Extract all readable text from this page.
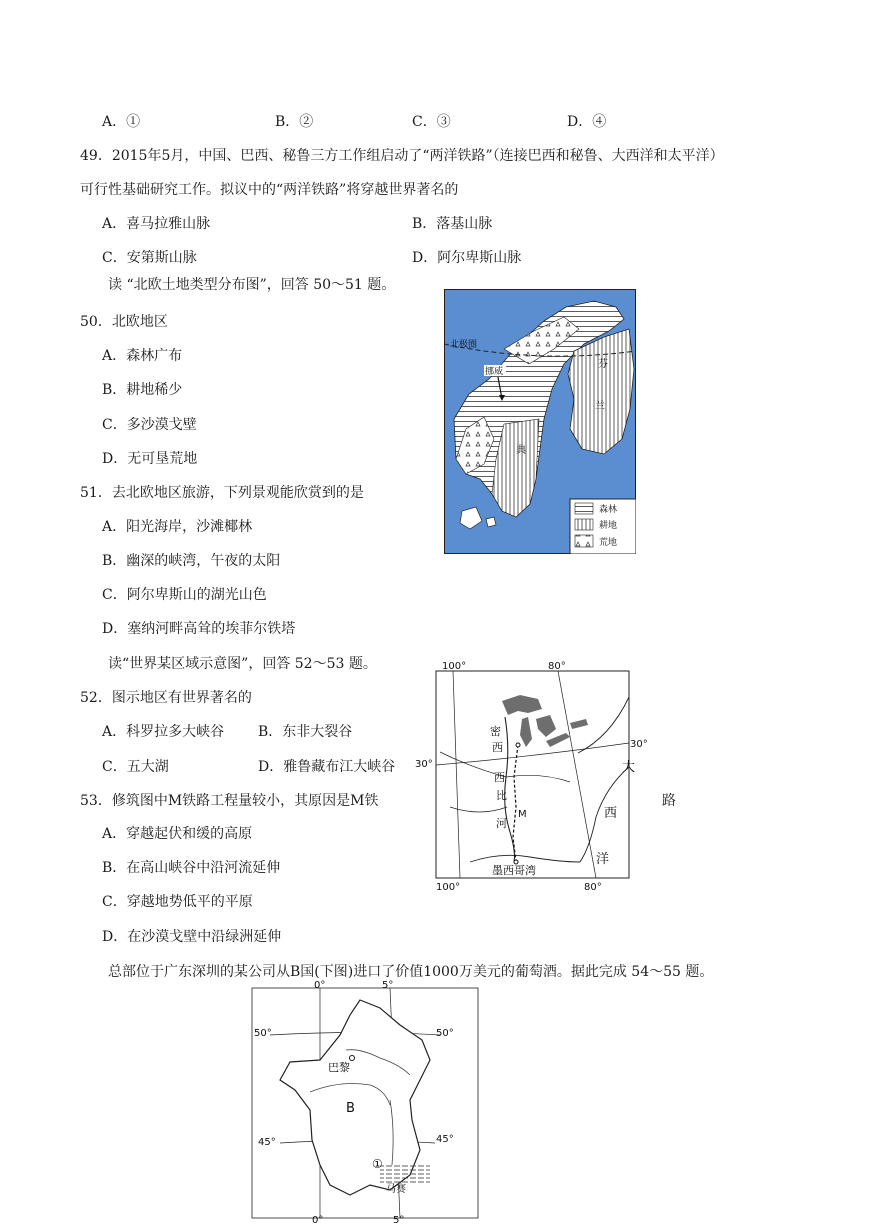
A．①	B．②	C．③	D．④
49．2015年5月，中国、巴西、秘鲁三方工作组启动了“两洋铁路”（连接巴西和秘鲁、大西洋和太平洋）
可行性基础研究工作。拟议中的“两洋铁路”将穿越世界著名的
A．喜马拉雅山脉	B．落基山脉
C．安第斯山脉	D．阿尔卑斯山脉
读 “北欧土地类型分布图”，回答 50～51 题。
50．北欧地区
A．森林广布
B．耕地稀少
C．多沙漠戈壁
D．无可垦荒地
51．去北欧地区旅游，下列景观能欣赏到的是
A．阳光海岸，沙滩椰林
B．幽深的峡湾，午夜的太阳
C．阿尔卑斯山的湖光山色
D．塞纳河畔高耸的埃菲尔铁塔
读“世界某区域示意图”，回答 52～53 题。
52．图示地区有世界著名的
A．科罗拉多大峡谷 B．东非大裂谷
C．五大湖	D．雅鲁藏布江大峡谷
53．修筑图中M铁路工程量较小，其原因是M铁	路
A．穿越起伏和缓的高原
B．在高山峡谷中沿河流延伸
C．穿越地势低平的平原
D．在沙漠戈壁中沿绿洲延伸
总部位于广东深圳的某公司从B国(下图)进口了价值1000万美元的葡萄酒。据此完成 54～55 题。
北极圈
挪威
典
芬
兰
森林
耕地
荒地
100°	80°
100°	80°
30°
30°
密
西
西
比
河
M
大
西
洋
墨西哥湾
巴黎
B
①
马赛
0°	5°
0°	5°
50°	50°
45°	45°
